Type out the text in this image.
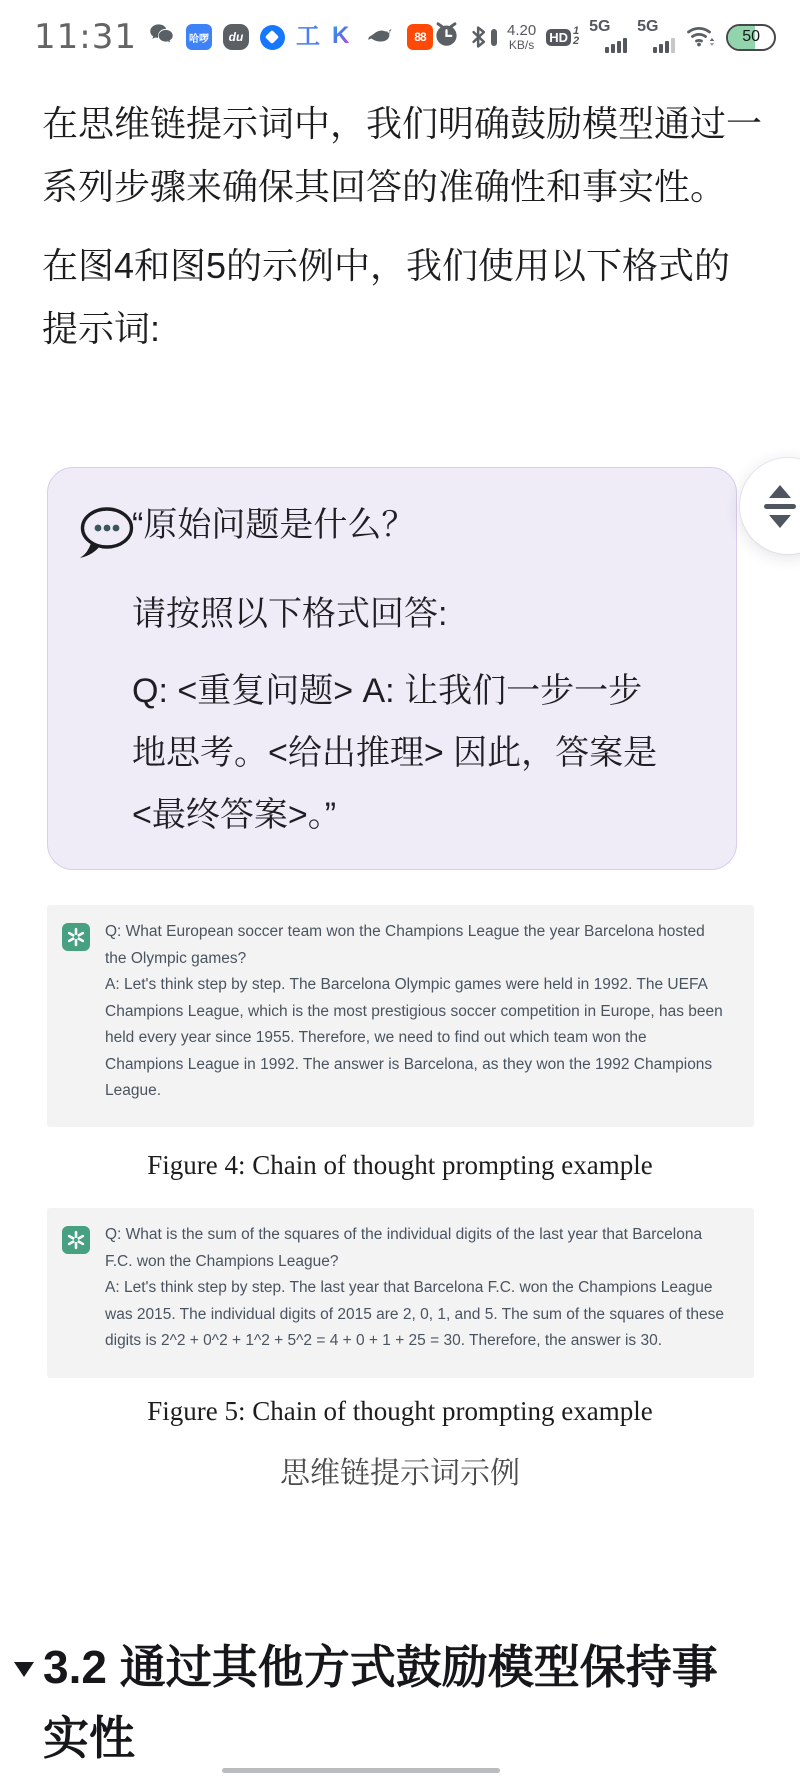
11:31	哈啰 du 工 K	88	4.20
KB/s
HD 1
2
5G 5G
50
在思维链提示词中，我们明确鼓励模型通过一系列步骤来确保其回答的准确性和事实性。
在图4和图5的示例中，我们使用以下格式的提示词:
“原始问题是什么？
请按照以下格式回答:
Q: <重复问题> A: 让我们一步一步
地思考。<给出推理> 因此，答案是
<最终答案>。”
Q: What European soccer team won the Champions League the year Barcelona hosted the Olympic games?
A: Let's think step by step. The Barcelona Olympic games were held in 1992. The UEFA Champions League, which is the most prestigious soccer competition in Europe, has been held every year since 1955. Therefore, we need to find out which team won the Champions League in 1992. The answer is Barcelona, as they won the 1992 Champions League.
Figure 4: Chain of thought prompting example
Q: What is the sum of the squares of the individual digits of the last year that Barcelona F.C. won the Champions League?
A: Let's think step by step. The last year that Barcelona F.C. won the Champions League was 2015. The individual digits of 2015 are 2, 0, 1, and 5. The sum of the squares of these digits is 2^2 + 0^2 + 1^2 + 5^2 = 4 + 0 + 1 + 25 = 30. Therefore, the answer is 30.
Figure 5: Chain of thought prompting example
思维链提示词示例
3.2 通过其他方式鼓励模型保持事实性
